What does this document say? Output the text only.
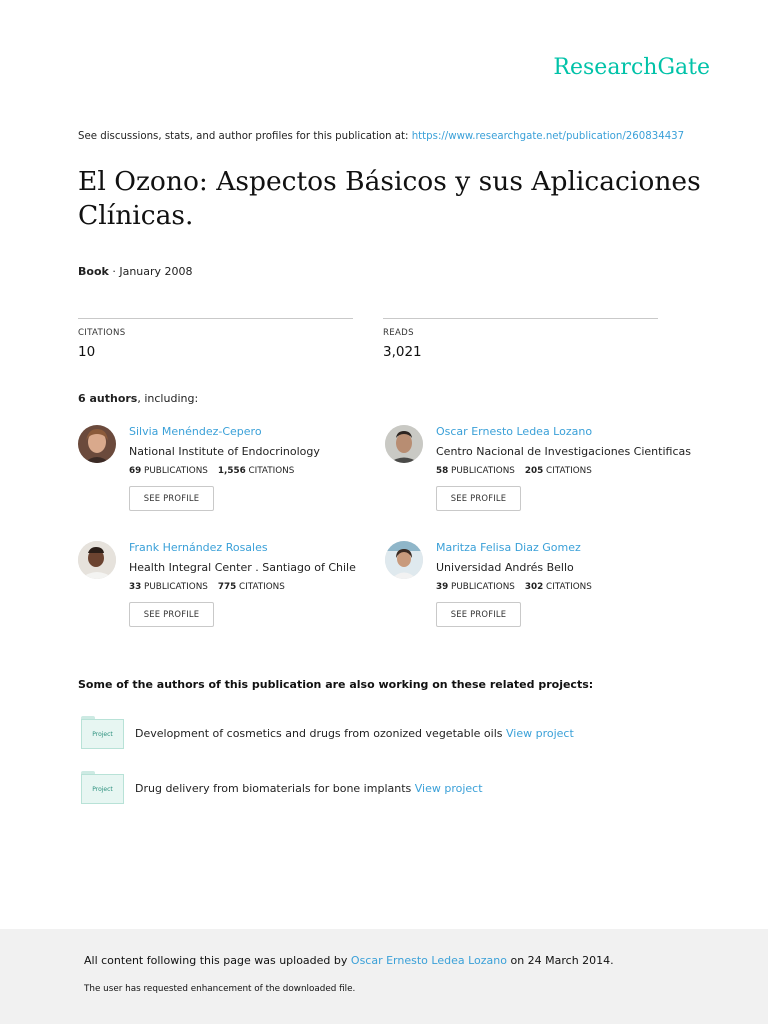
ResearchGate
See discussions, stats, and author profiles for this publication at: https://www.researchgate.net/publication/260834437
El Ozono: Aspectos Básicos y sus Aplicaciones Clínicas.
Book · January 2008
CITATIONS
10
READS
3,021
6 authors, including:
Silvia Menéndez-Cepero
National Institute of Endocrinology
69 PUBLICATIONS 1,556 CITATIONS
SEE PROFILE
Oscar Ernesto Ledea Lozano
Centro Nacional de Investigaciones Cientificas
58 PUBLICATIONS 205 CITATIONS
SEE PROFILE
Frank Hernández Rosales
Health Integral Center . Santiago of Chile
33 PUBLICATIONS 775 CITATIONS
SEE PROFILE
Maritza Felisa Diaz Gomez
Universidad Andrés Bello
39 PUBLICATIONS 302 CITATIONS
SEE PROFILE
Some of the authors of this publication are also working on these related projects:
Project	Development of cosmetics and drugs from ozonized vegetable oils View project
Project	Drug delivery from biomaterials for bone implants View project
All content following this page was uploaded by Oscar Ernesto Ledea Lozano on 24 March 2014.
The user has requested enhancement of the downloaded file.
